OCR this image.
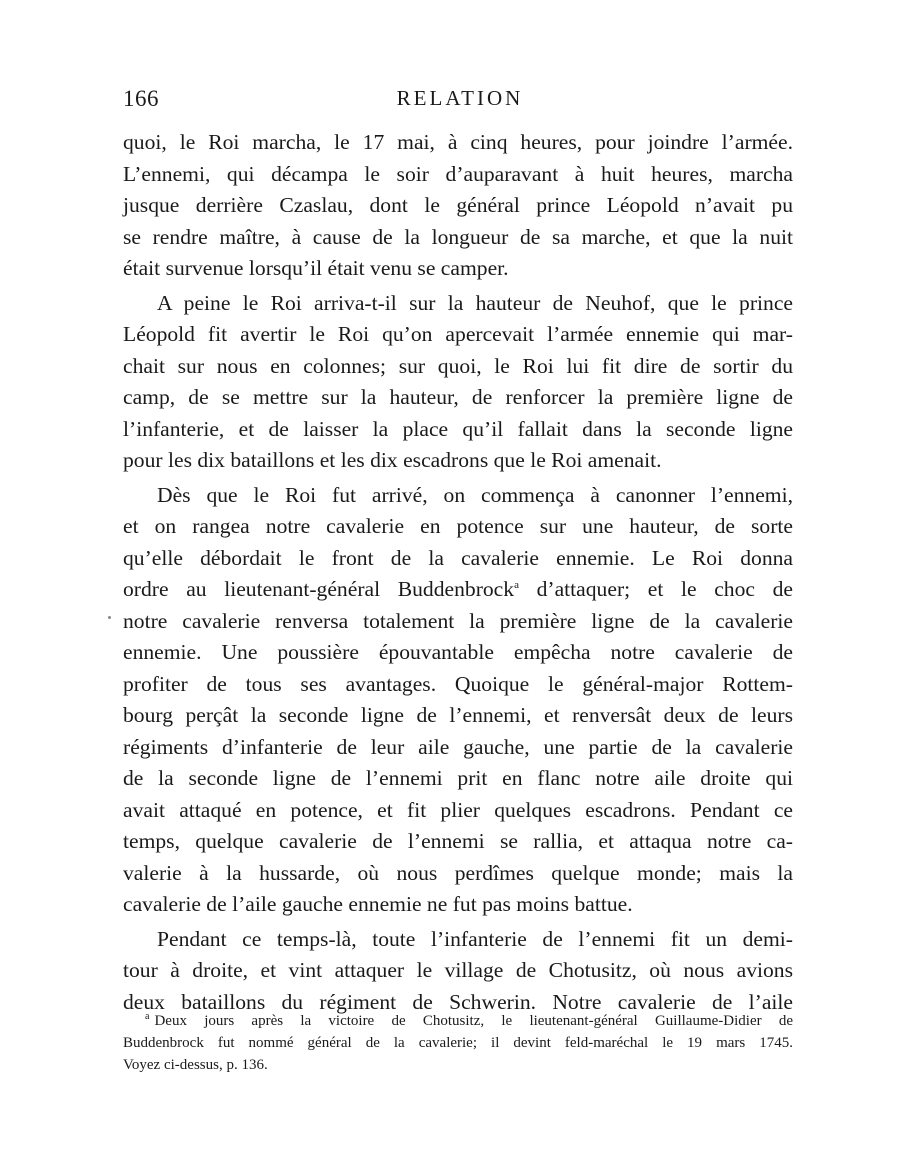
166	RELATION
quoi, le Roi marcha, le 17 mai, à cinq heures, pour joindre l’armée.
L’ennemi, qui décampa le soir d’auparavant à huit heures, marcha
jusque derrière Czaslau, dont le général prince Léopold n’avait pu
se rendre maître, à cause de la longueur de sa marche, et que la nuit
était survenue lorsqu’il était venu se camper.
A peine le Roi arriva-t-il sur la hauteur de Neuhof, que le prince
Léopold fit avertir le Roi qu’on apercevait l’armée ennemie qui mar-
chait sur nous en colonnes; sur quoi, le Roi lui fit dire de sortir du
camp, de se mettre sur la hauteur, de renforcer la première ligne de
l’infanterie, et de laisser la place qu’il fallait dans la seconde ligne
pour les dix bataillons et les dix escadrons que le Roi amenait.
Dès que le Roi fut arrivé, on commença à canonner l’ennemi,
et on rangea notre cavalerie en potence sur une hauteur, de sorte
qu’elle débordait le front de la cavalerie ennemie. Le Roi donna
ordre au lieutenant-général Buddenbrock$^a$ d’attaquer; et le choc de
notre cavalerie renversa totalement la première ligne de la cavalerie
ennemie. Une poussière épouvantable empêcha notre cavalerie de
profiter de tous ses avantages. Quoique le général-major Rottem-
bourg perçât la seconde ligne de l’ennemi, et renversât deux de leurs
régiments d’infanterie de leur aile gauche, une partie de la cavalerie
de la seconde ligne de l’ennemi prit en flanc notre aile droite qui
avait attaqué en potence, et fit plier quelques escadrons. Pendant ce
temps, quelque cavalerie de l’ennemi se rallia, et attaqua notre ca-
valerie à la hussarde, où nous perdîmes quelque monde; mais la
cavalerie de l’aile gauche ennemie ne fut pas moins battue.
Pendant ce temps-là, toute l’infanterie de l’ennemi fit un demi-
tour à droite, et vint attaquer le village de Chotusitz, où nous avions
deux bataillons du régiment de Schwerin. Notre cavalerie de l’aile
$^a$ Deux jours après la victoire de Chotusitz, le lieutenant-général Guillaume-Didier de
Buddenbrock fut nommé général de la cavalerie; il devint feld-maréchal le 19 mars 1745.
Voyez ci-dessus, p. 136.
